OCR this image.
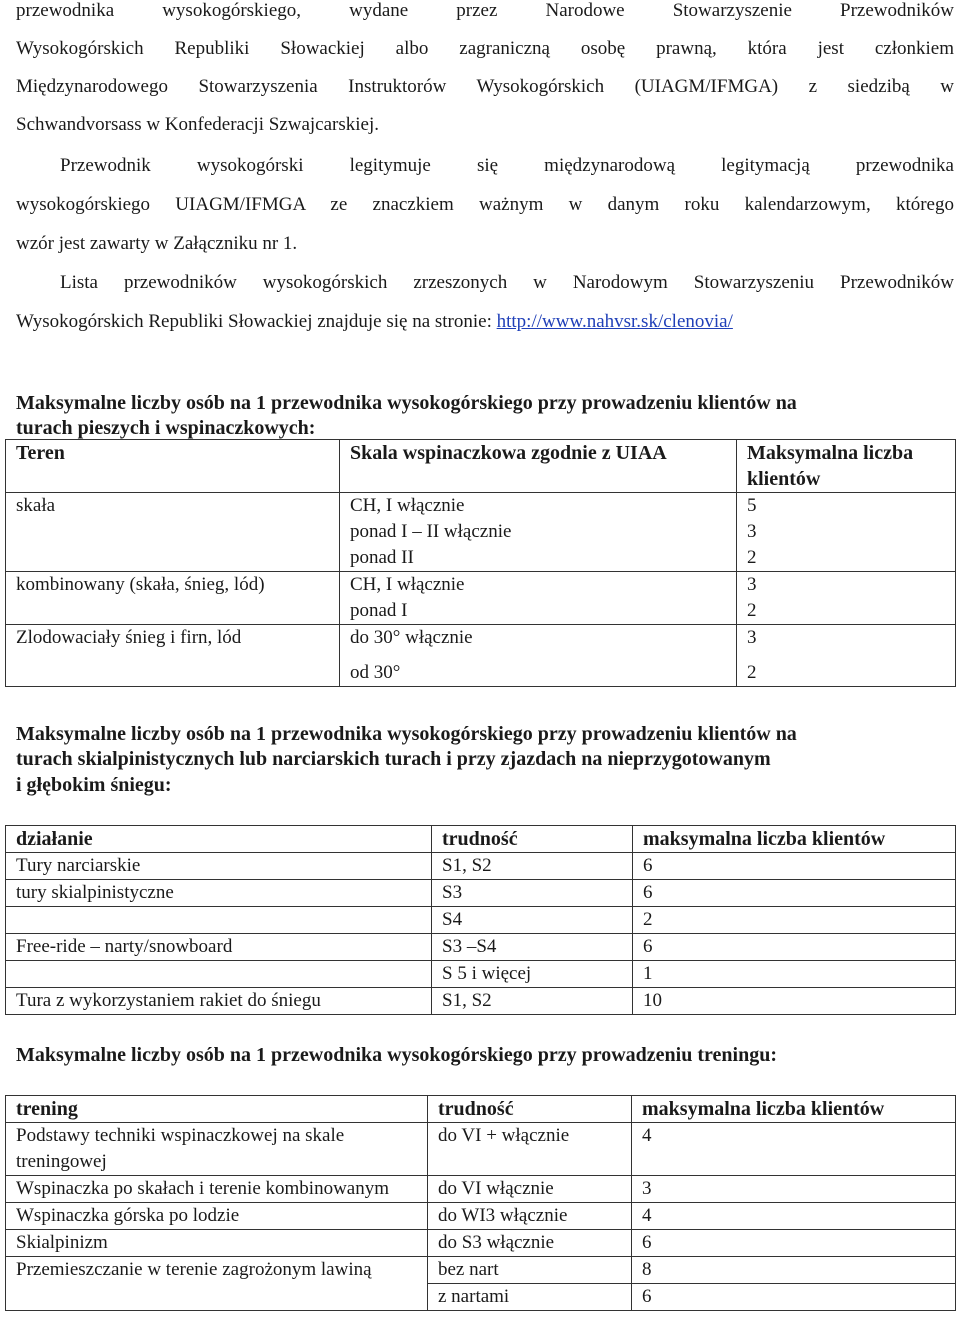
przewodnika wysokogórskiego, wydane przez Narodowe Stowarzyszenie Przewodników
Wysokogórskich Republiki Słowackiej albo zagraniczną osobę prawną, która jest członkiem
Międzynarodowego Stowarzyszenia Instruktorów Wysokogórskich (UIAGM/IFMGA) z siedzibą w
Schwandvorsass w Konfederacji Szwajcarskiej.
Przewodnik wysokogórski legitymuje się międzynarodową legitymacją przewodnika
wysokogórskiego UIAGM/IFMGA ze znaczkiem ważnym w danym roku kalendarzowym, którego
wzór jest zawarty w Załączniku nr 1.
Lista przewodników wysokogórskich zrzeszonych w Narodowym Stowarzyszeniu Przewodników
Wysokogórskich Republiki Słowackiej znajduje się na stronie: http://www.nahvsr.sk/clenovia/
Maksymalne liczby osób na 1 przewodnika wysokogórskiego przy prowadzeniu klientów na
turach pieszych i wspinaczkowych:
Teren	Skala wspinaczkowa zgodnie z UIAA	Maksymalna liczba
klientów
skała	CH, I włącznie	5
	ponad I – II włącznie	3
	ponad II	2
kombinowany (skała, śnieg, lód)	CH, I włącznie	3
	ponad I	2
Zlodowaciały śnieg i firn, lód	do 30° włącznie	3
	od 30°	2
Maksymalne liczby osób na 1 przewodnika wysokogórskiego przy prowadzeniu klientów na
turach skialpinistycznych lub narciarskich turach i przy zjazdach na nieprzygotowanym
i głębokim śniegu:
działanie	trudność	maksymalna liczba klientów
Tury narciarskie	S1, S2	6
tury skialpinistyczne	S3	6
	S4	2
Free-ride – narty/snowboard	S3 –S4	6
	S 5 i więcej	1
Tura z wykorzystaniem rakiet do śniegu	S1, S2	10
Maksymalne liczby osób na 1 przewodnika wysokogórskiego przy prowadzeniu treningu:
trening	trudność	maksymalna liczba klientów
Podstawy techniki wspinaczkowej na skale treningowej	do VI + włącznie	4
Wspinaczka po skałach i terenie kombinowanym	do VI włącznie	3
Wspinaczka górska po lodzie	do WI3 włącznie	4
Skialpinizm	do S3 włącznie	6
Przemieszczanie w terenie zagrożonym lawiną	bez nart	8
	z nartami	6
